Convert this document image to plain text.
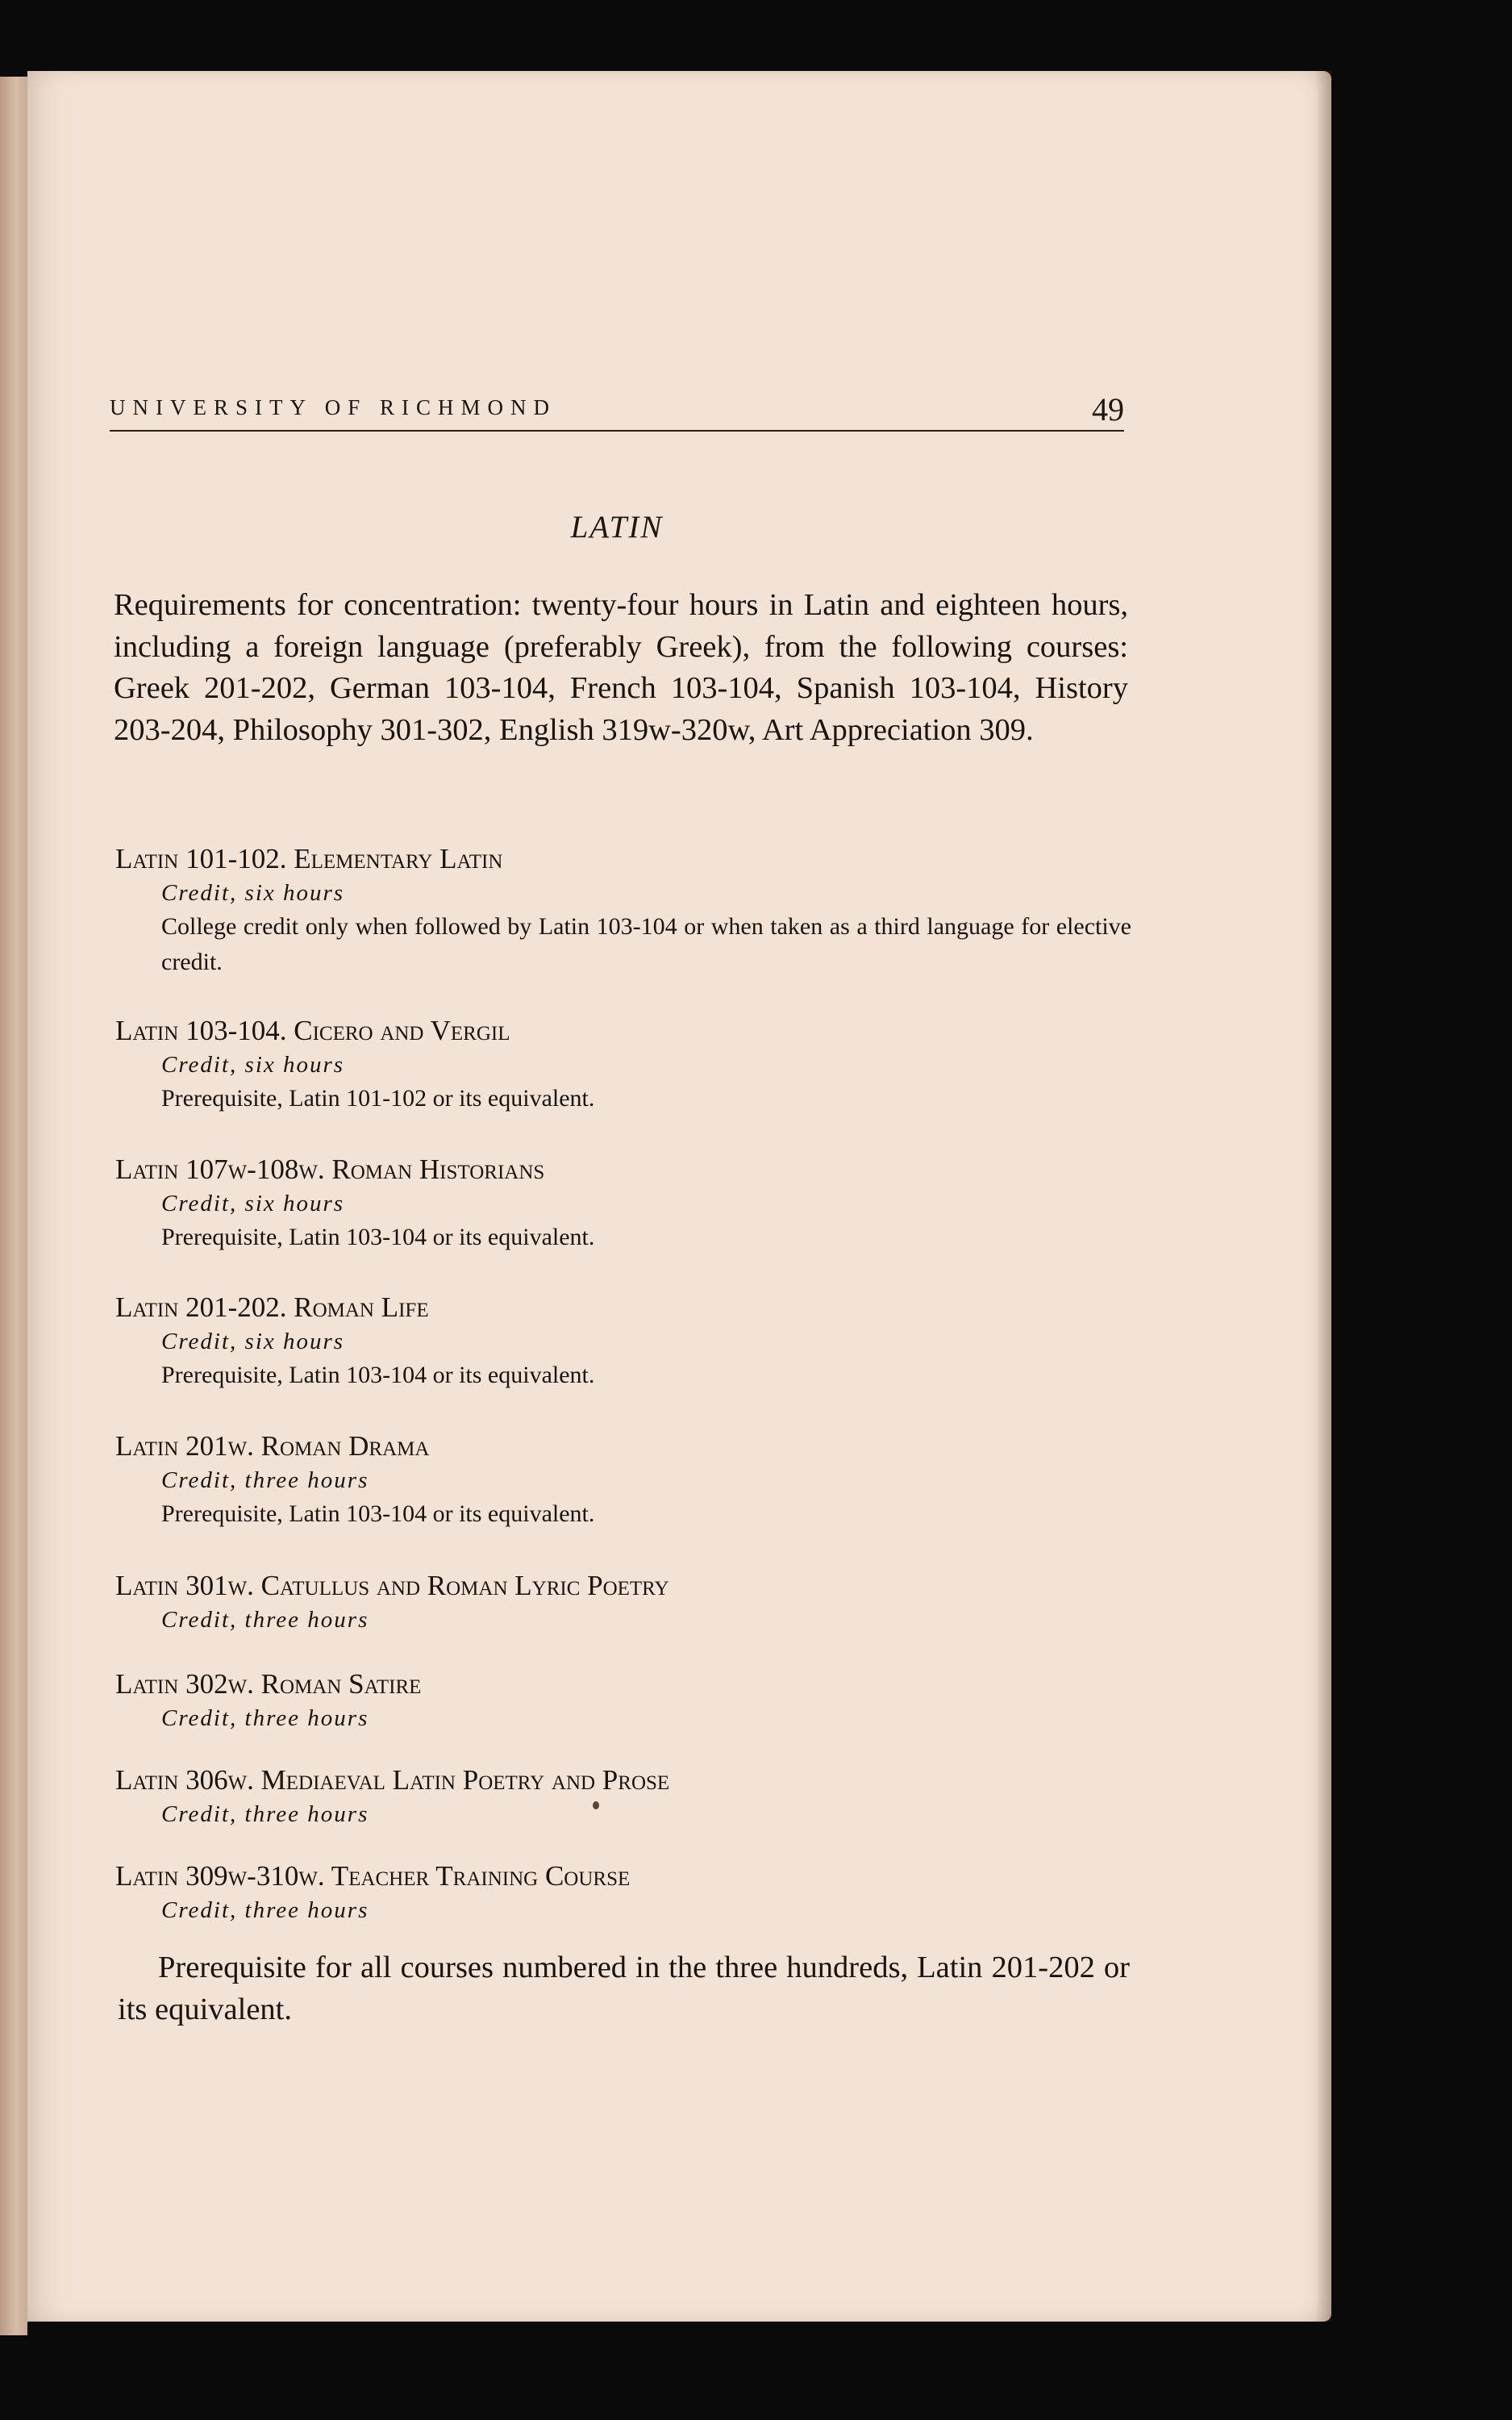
UNIVERSITY OF RICHMOND	49
LATIN

Requirements for concentration: twenty-four hours in Latin and eighteen hours, including a foreign language (preferably Greek), from the following courses: Greek 201-202, German 103-104, French 103-104, Spanish 103-104, History 203-204, Philosophy 301-302, English 319w-320w, Art Appreciation 309.

Latin 101-102. Elementary Latin
Credit, six hours
College credit only when followed by Latin 103-104 or when taken as a third language for elective credit.
Latin 103-104. Cicero and Vergil
Credit, six hours
Prerequisite, Latin 101-102 or its equivalent.
Latin 107w-108w. Roman Historians
Credit, six hours
Prerequisite, Latin 103-104 or its equivalent.
Latin 201-202. Roman Life
Credit, six hours
Prerequisite, Latin 103-104 or its equivalent.
Latin 201w. Roman Drama
Credit, three hours
Prerequisite, Latin 103-104 or its equivalent.
Latin 301w. Catullus and Roman Lyric Poetry
Credit, three hours
Latin 302w. Roman Satire
Credit, three hours
Latin 306w. Mediaeval Latin Poetry and Prose
Credit, three hours
Latin 309w-310w. Teacher Training Course
Credit, three hours

Prerequisite for all courses numbered in the three hundreds, Latin 201-202 or its equivalent.
